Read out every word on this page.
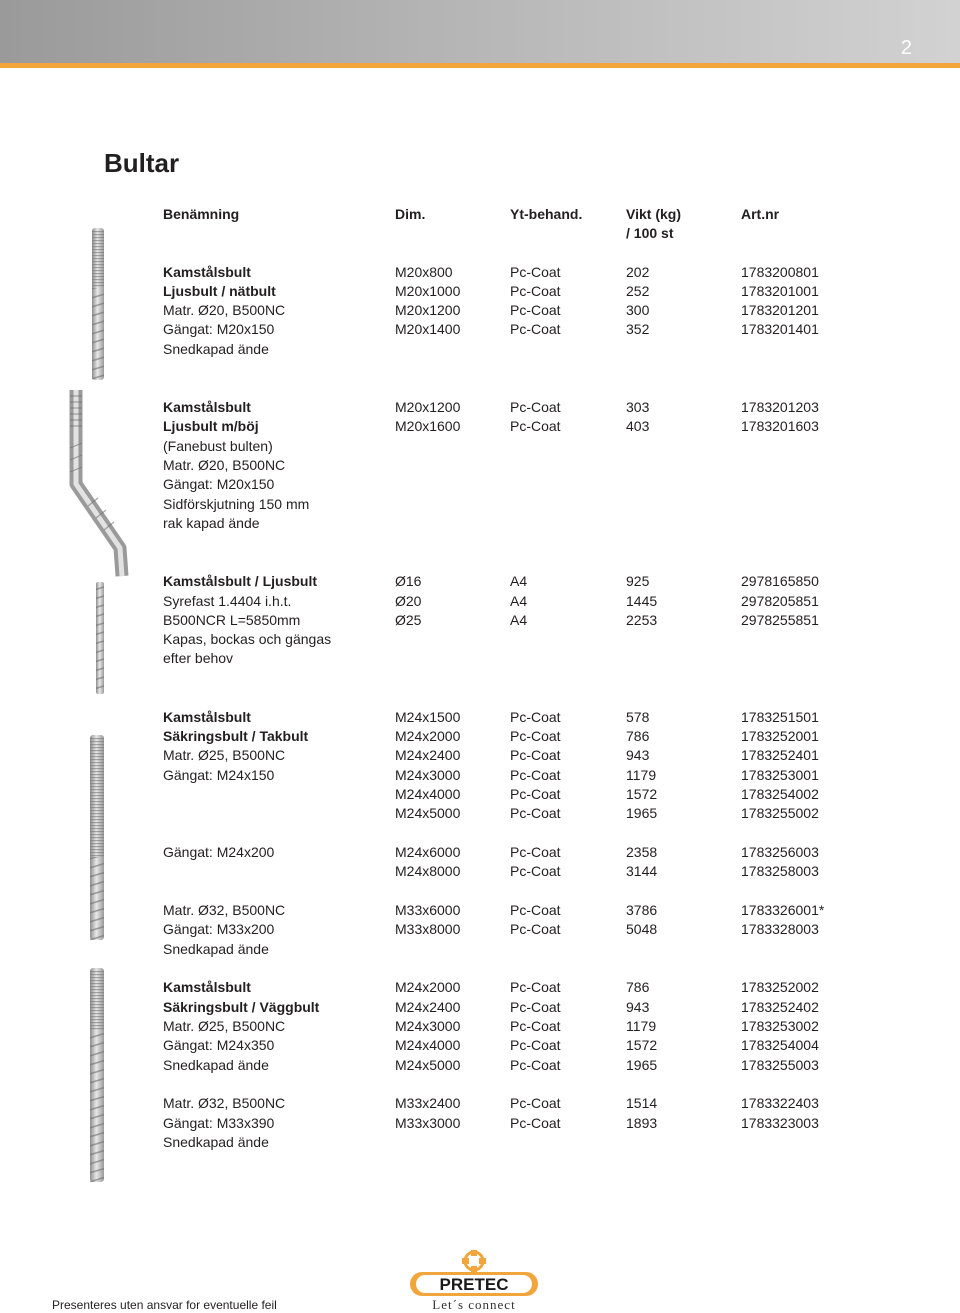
2
Bultar
Benämning	Dim.	Yt-behand.	Vikt (kg)	Art.nr
/ 100 st
Kamstålsbult	M20x800	Pc-Coat	202	1783200801
Ljusbult / nätbult	M20x1000	Pc-Coat	252	1783201001
Matr. Ø20, B500NC	M20x1200	Pc-Coat	300	1783201201
Gängat: M20x150	M20x1400	Pc-Coat	352	1783201401
Snedkapad ände
Kamstålsbult	M20x1200	Pc-Coat	303	1783201203
Ljusbult m/böj	M20x1600	Pc-Coat	403	1783201603
(Fanebust bulten)
Matr. Ø20, B500NC
Gängat: M20x150
Sidförskjutning 150 mm
rak kapad ände
Kamstålsbult / Ljusbult	Ø16	A4	925	2978165850
Syrefast 1.4404 i.h.t.	Ø20	A4	1445	2978205851
B500NCR L=5850mm	Ø25	A4	2253	2978255851
Kapas, bockas och gängas
efter behov
Kamstålsbult	M24x1500	Pc-Coat	578	1783251501
Säkringsbult / Takbult	M24x2000	Pc-Coat	786	1783252001
Matr. Ø25, B500NC	M24x2400	Pc-Coat	943	1783252401
Gängat: M24x150	M24x3000	Pc-Coat	1179	1783253001
M24x4000	Pc-Coat	1572	1783254002
M24x5000	Pc-Coat	1965	1783255002
Gängat: M24x200	M24x6000	Pc-Coat	2358	1783256003
M24x8000	Pc-Coat	3144	1783258003
Matr. Ø32, B500NC	M33x6000	Pc-Coat	3786	1783326001*
Gängat: M33x200	M33x8000	Pc-Coat	5048	1783328003
Snedkapad ände
Kamstålsbult	M24x2000	Pc-Coat	786	1783252002
Säkringsbult / Väggbult	M24x2400	Pc-Coat	943	1783252402
Matr. Ø25, B500NC	M24x3000	Pc-Coat	1179	1783253002
Gängat: M24x350	M24x4000	Pc-Coat	1572	1783254004
Snedkapad ände	M24x5000	Pc-Coat	1965	1783255003
Matr. Ø32, B500NC	M33x2400	Pc-Coat	1514	1783322403
Gängat: M33x390	M33x3000	Pc-Coat	1893	1783323003
Snedkapad ände
PRETEC
Let´s connect
Presenteres uten ansvar for eventuelle feil
